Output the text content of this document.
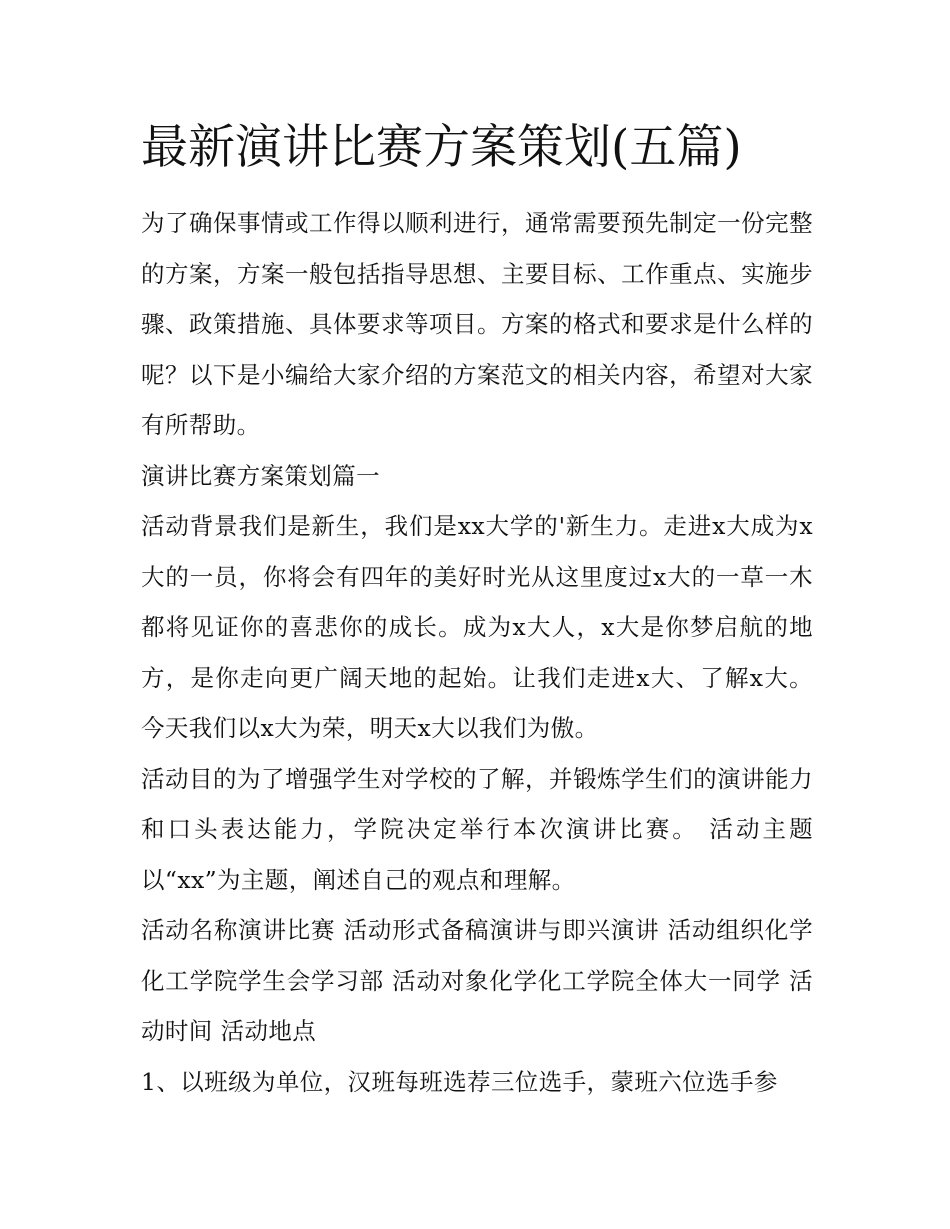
最新演讲比赛方案策划(五篇)

为了确保事情或工作得以顺利进行，通常需要预先制定一份完整的方案，方案一般包括指导思想、主要目标、工作重点、实施步骤、政策措施、具体要求等项目。方案的格式和要求是什么样的呢？以下是小编给大家介绍的方案范文的相关内容，希望对大家有所帮助。

演讲比赛方案策划篇一

活动背景我们是新生，我们是xx大学的'新生力。走进x大成为x大的一员，你将会有四年的美好时光从这里度过x大的一草一木都将见证你的喜悲你的成长。成为x大人，x大是你梦启航的地方，是你走向更广阔天地的起始。让我们走进x大、了解x大。今天我们以x大为荣，明天x大以我们为傲。

活动目的为了增强学生对学校的了解，并锻炼学生们的演讲能力和口头表达能力，学院决定举行本次演讲比赛。 活动主题以“xx”为主题，阐述自己的观点和理解。

活动名称演讲比赛 活动形式备稿演讲与即兴演讲 活动组织化学化工学院学生会学习部 活动对象化学化工学院全体大一同学 活动时间 活动地点

1、以班级为单位，汉班每班选荐三位选手，蒙班六位选手参
